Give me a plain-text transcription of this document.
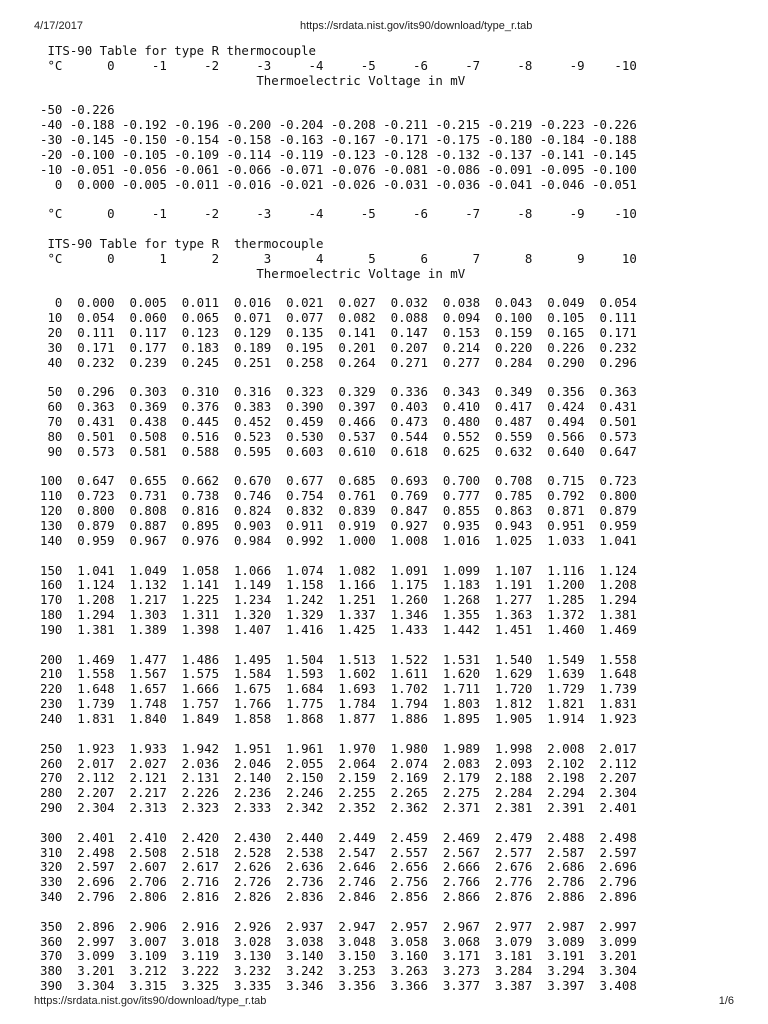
4/17/2017	https://srdata.nist.gov/its90/download/type_r.tab
ITS-90 Table for type R thermocouple
°C      0     -1     -2     -3     -4     -5     -6     -7     -8     -9    -10
Thermoelectric Voltage in mV

-50 -0.226
-40 -0.188 -0.192 -0.196 -0.200 -0.204 -0.208 -0.211 -0.215 -0.219 -0.223 -0.226
-30 -0.145 -0.150 -0.154 -0.158 -0.163 -0.167 -0.171 -0.175 -0.180 -0.184 -0.188
-20 -0.100 -0.105 -0.109 -0.114 -0.119 -0.123 -0.128 -0.132 -0.137 -0.141 -0.145
-10 -0.051 -0.056 -0.061 -0.066 -0.071 -0.076 -0.081 -0.086 -0.091 -0.095 -0.100
0  0.000 -0.005 -0.011 -0.016 -0.021 -0.026 -0.031 -0.036 -0.041 -0.046 -0.051

°C      0     -1     -2     -3     -4     -5     -6     -7     -8     -9    -10

ITS-90 Table for type R  thermocouple
°C      0      1      2      3      4      5      6      7      8      9     10
Thermoelectric Voltage in mV

0  0.000  0.005  0.011  0.016  0.021  0.027  0.032  0.038  0.043  0.049  0.054
10  0.054  0.060  0.065  0.071  0.077  0.082  0.088  0.094  0.100  0.105  0.111
20  0.111  0.117  0.123  0.129  0.135  0.141  0.147  0.153  0.159  0.165  0.171
30  0.171  0.177  0.183  0.189  0.195  0.201  0.207  0.214  0.220  0.226  0.232
40  0.232  0.239  0.245  0.251  0.258  0.264  0.271  0.277  0.284  0.290  0.296

50  0.296  0.303  0.310  0.316  0.323  0.329  0.336  0.343  0.349  0.356  0.363
60  0.363  0.369  0.376  0.383  0.390  0.397  0.403  0.410  0.417  0.424  0.431
70  0.431  0.438  0.445  0.452  0.459  0.466  0.473  0.480  0.487  0.494  0.501
80  0.501  0.508  0.516  0.523  0.530  0.537  0.544  0.552  0.559  0.566  0.573
90  0.573  0.581  0.588  0.595  0.603  0.610  0.618  0.625  0.632  0.640  0.647

100  0.647  0.655  0.662  0.670  0.677  0.685  0.693  0.700  0.708  0.715  0.723
110  0.723  0.731  0.738  0.746  0.754  0.761  0.769  0.777  0.785  0.792  0.800
120  0.800  0.808  0.816  0.824  0.832  0.839  0.847  0.855  0.863  0.871  0.879
130  0.879  0.887  0.895  0.903  0.911  0.919  0.927  0.935  0.943  0.951  0.959
140  0.959  0.967  0.976  0.984  0.992  1.000  1.008  1.016  1.025  1.033  1.041

150  1.041  1.049  1.058  1.066  1.074  1.082  1.091  1.099  1.107  1.116  1.124
160  1.124  1.132  1.141  1.149  1.158  1.166  1.175  1.183  1.191  1.200  1.208
170  1.208  1.217  1.225  1.234  1.242  1.251  1.260  1.268  1.277  1.285  1.294
180  1.294  1.303  1.311  1.320  1.329  1.337  1.346  1.355  1.363  1.372  1.381
190  1.381  1.389  1.398  1.407  1.416  1.425  1.433  1.442  1.451  1.460  1.469

200  1.469  1.477  1.486  1.495  1.504  1.513  1.522  1.531  1.540  1.549  1.558
210  1.558  1.567  1.575  1.584  1.593  1.602  1.611  1.620  1.629  1.639  1.648
220  1.648  1.657  1.666  1.675  1.684  1.693  1.702  1.711  1.720  1.729  1.739
230  1.739  1.748  1.757  1.766  1.775  1.784  1.794  1.803  1.812  1.821  1.831
240  1.831  1.840  1.849  1.858  1.868  1.877  1.886  1.895  1.905  1.914  1.923

250  1.923  1.933  1.942  1.951  1.961  1.970  1.980  1.989  1.998  2.008  2.017
260  2.017  2.027  2.036  2.046  2.055  2.064  2.074  2.083  2.093  2.102  2.112
270  2.112  2.121  2.131  2.140  2.150  2.159  2.169  2.179  2.188  2.198  2.207
280  2.207  2.217  2.226  2.236  2.246  2.255  2.265  2.275  2.284  2.294  2.304
290  2.304  2.313  2.323  2.333  2.342  2.352  2.362  2.371  2.381  2.391  2.401

300  2.401  2.410  2.420  2.430  2.440  2.449  2.459  2.469  2.479  2.488  2.498
310  2.498  2.508  2.518  2.528  2.538  2.547  2.557  2.567  2.577  2.587  2.597
320  2.597  2.607  2.617  2.626  2.636  2.646  2.656  2.666  2.676  2.686  2.696
330  2.696  2.706  2.716  2.726  2.736  2.746  2.756  2.766  2.776  2.786  2.796
340  2.796  2.806  2.816  2.826  2.836  2.846  2.856  2.866  2.876  2.886  2.896

350  2.896  2.906  2.916  2.926  2.937  2.947  2.957  2.967  2.977  2.987  2.997
360  2.997  3.007  3.018  3.028  3.038  3.048  3.058  3.068  3.079  3.089  3.099
370  3.099  3.109  3.119  3.130  3.140  3.150  3.160  3.171  3.181  3.191  3.201
380  3.201  3.212  3.222  3.232  3.242  3.253  3.263  3.273  3.284  3.294  3.304
390  3.304  3.315  3.325  3.335  3.346  3.356  3.366  3.377  3.387  3.397  3.408
https://srdata.nist.gov/its90/download/type_r.tab	1/6
